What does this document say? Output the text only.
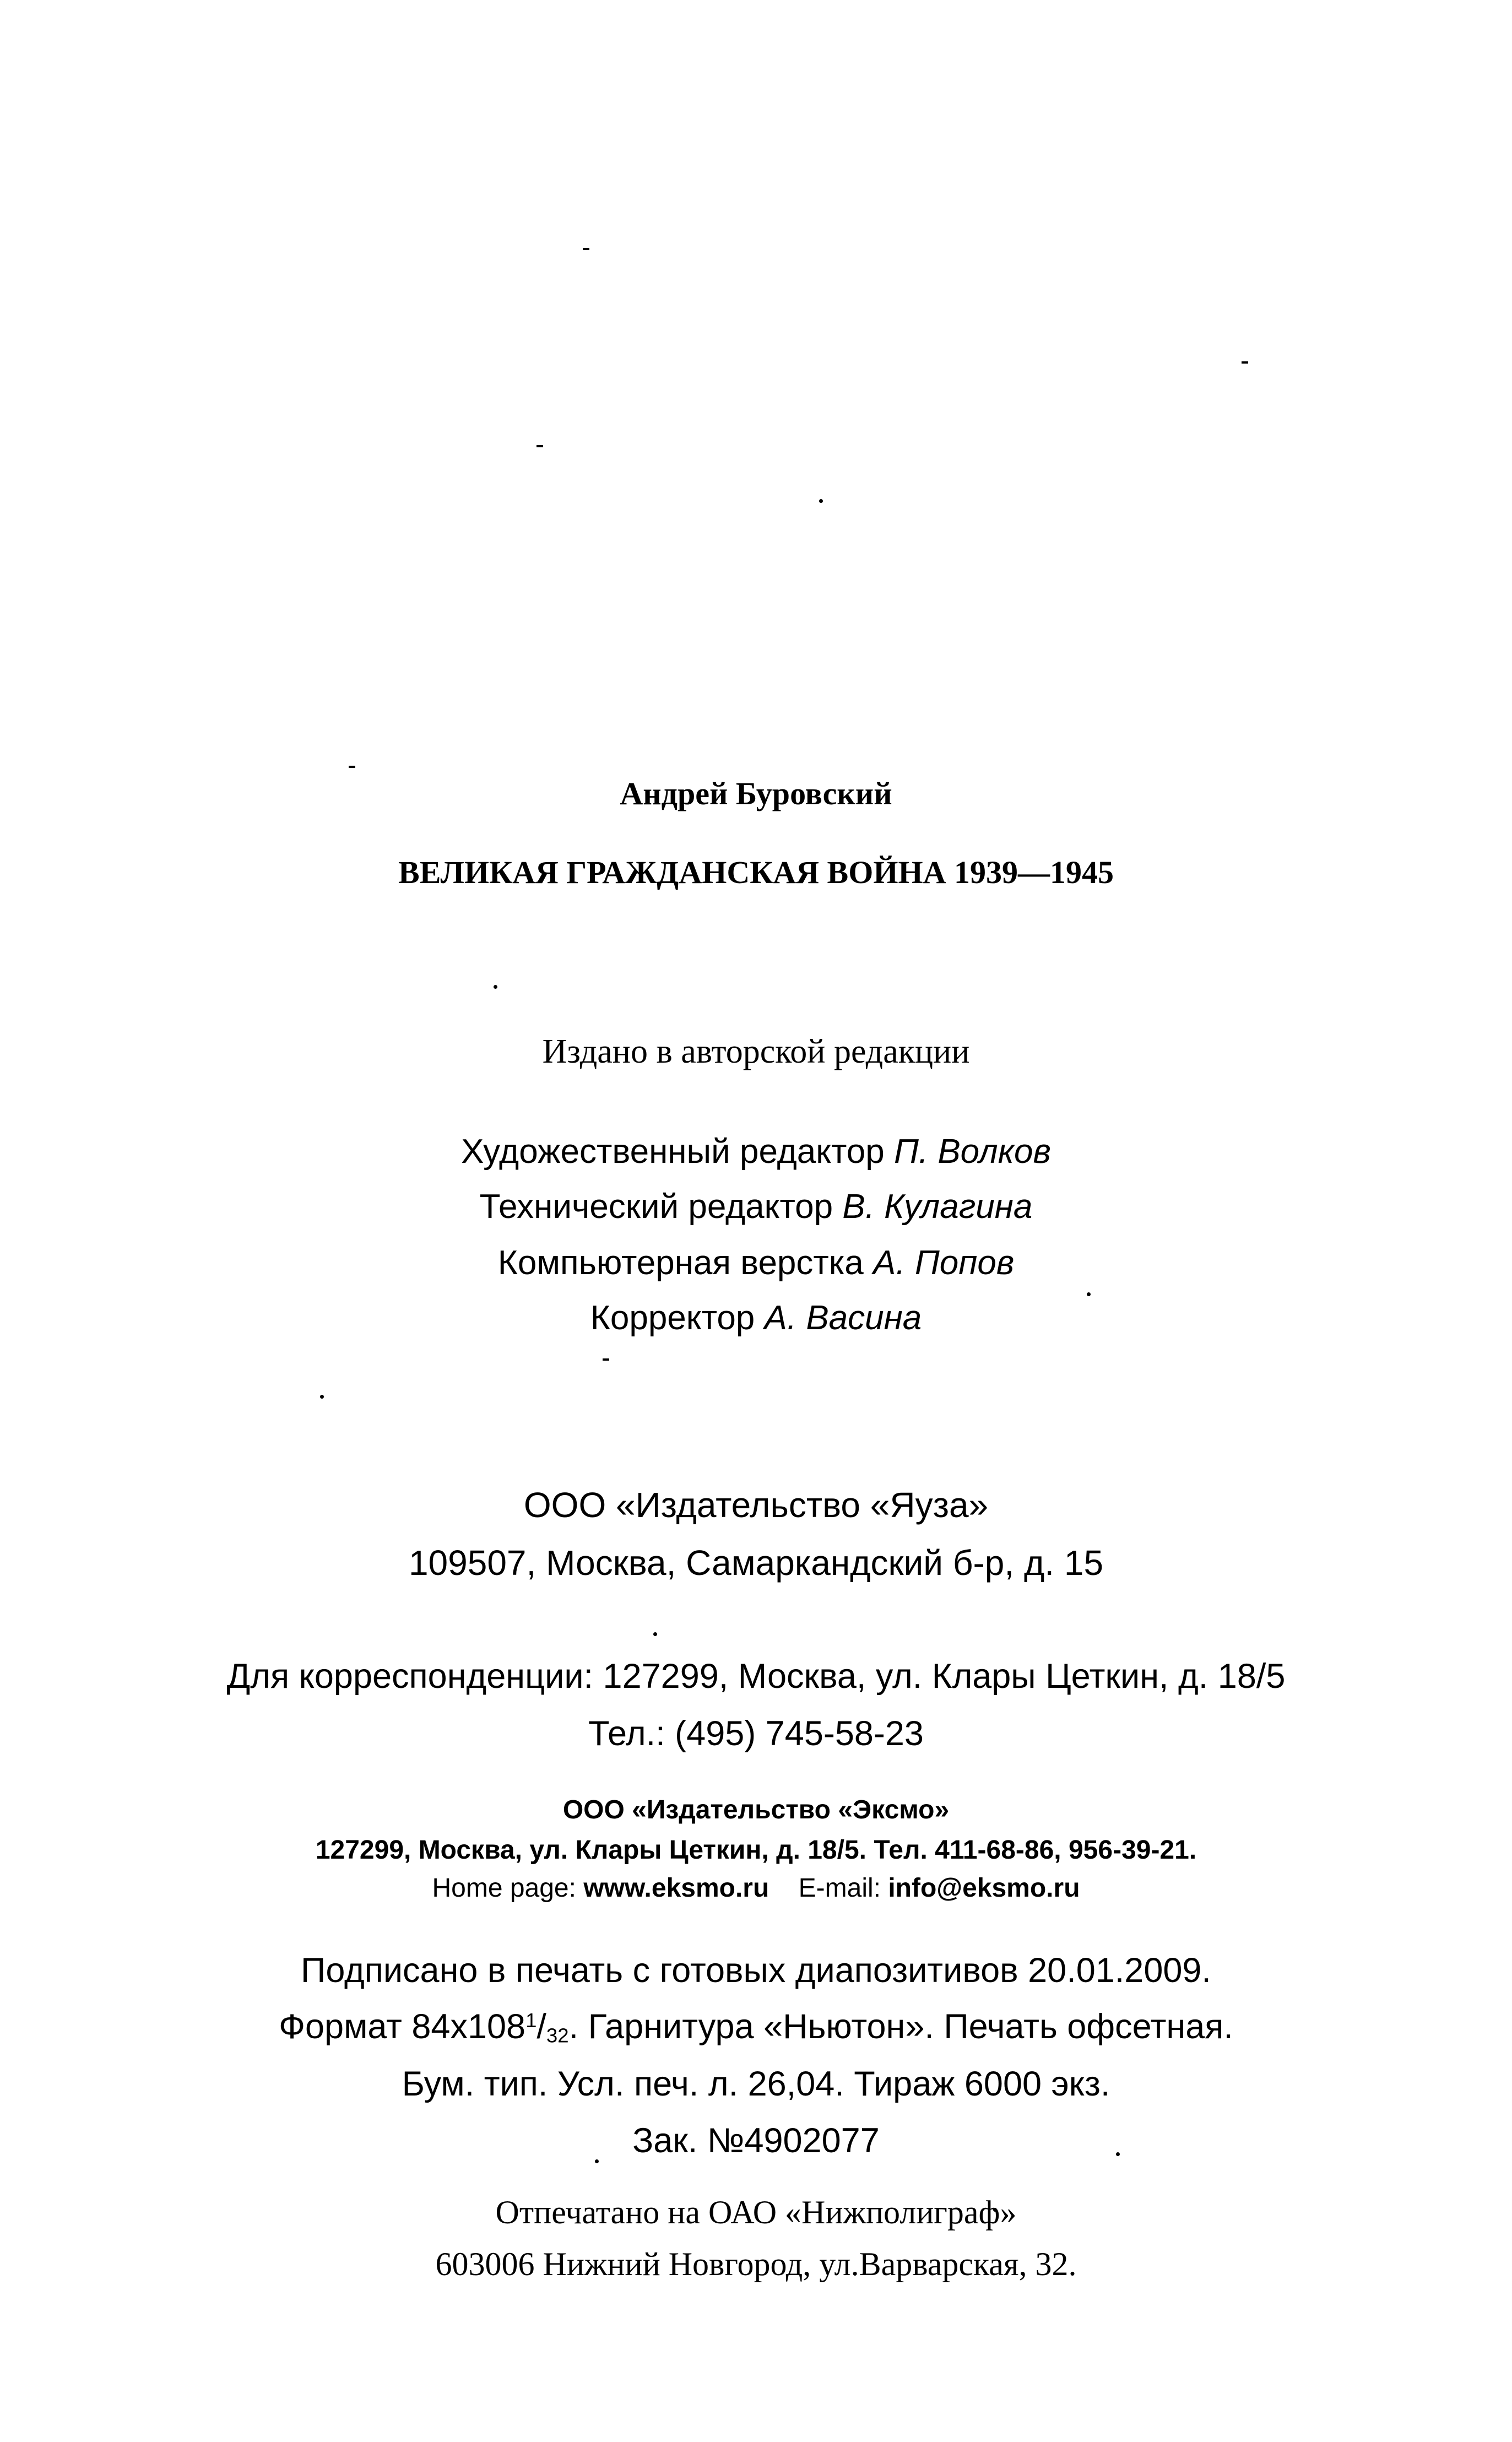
Андрей Буровский
ВЕЛИКАЯ ГРАЖДАНСКАЯ ВОЙНА 1939—1945
Издано в авторской редакции
Художественный редактор П. Волков
Технический редактор В. Кулагина
Компьютерная верстка А. Попов
Корректор А. Васина
ООО «Издательство «Яуза»
109507, Москва, Самаркандский б-р, д. 15
Для корреспонденции: 127299, Москва, ул. Клары Цеткин, д. 18/5
Тел.: (495) 745-58-23
ООО «Издательство «Эксмо»
127299, Москва, ул. Клары Цеткин, д. 18/5. Тел. 411-68-86, 956-39-21.
Home page: www.eksmo.ru E-mail: info@eksmo.ru
Подписано в печать с готовых диапозитивов 20.01.2009.
Формат $84x108^1/_{32}$. Гарнитура «Ньютон». Печать офсетная.
Бум. тип. Усл. печ. л. 26,04. Тираж 6000 экз.
Зак. №4902077
Отпечатано на ОАО «Нижполиграф»
603006 Нижний Новгород, ул.Варварская, 32.
